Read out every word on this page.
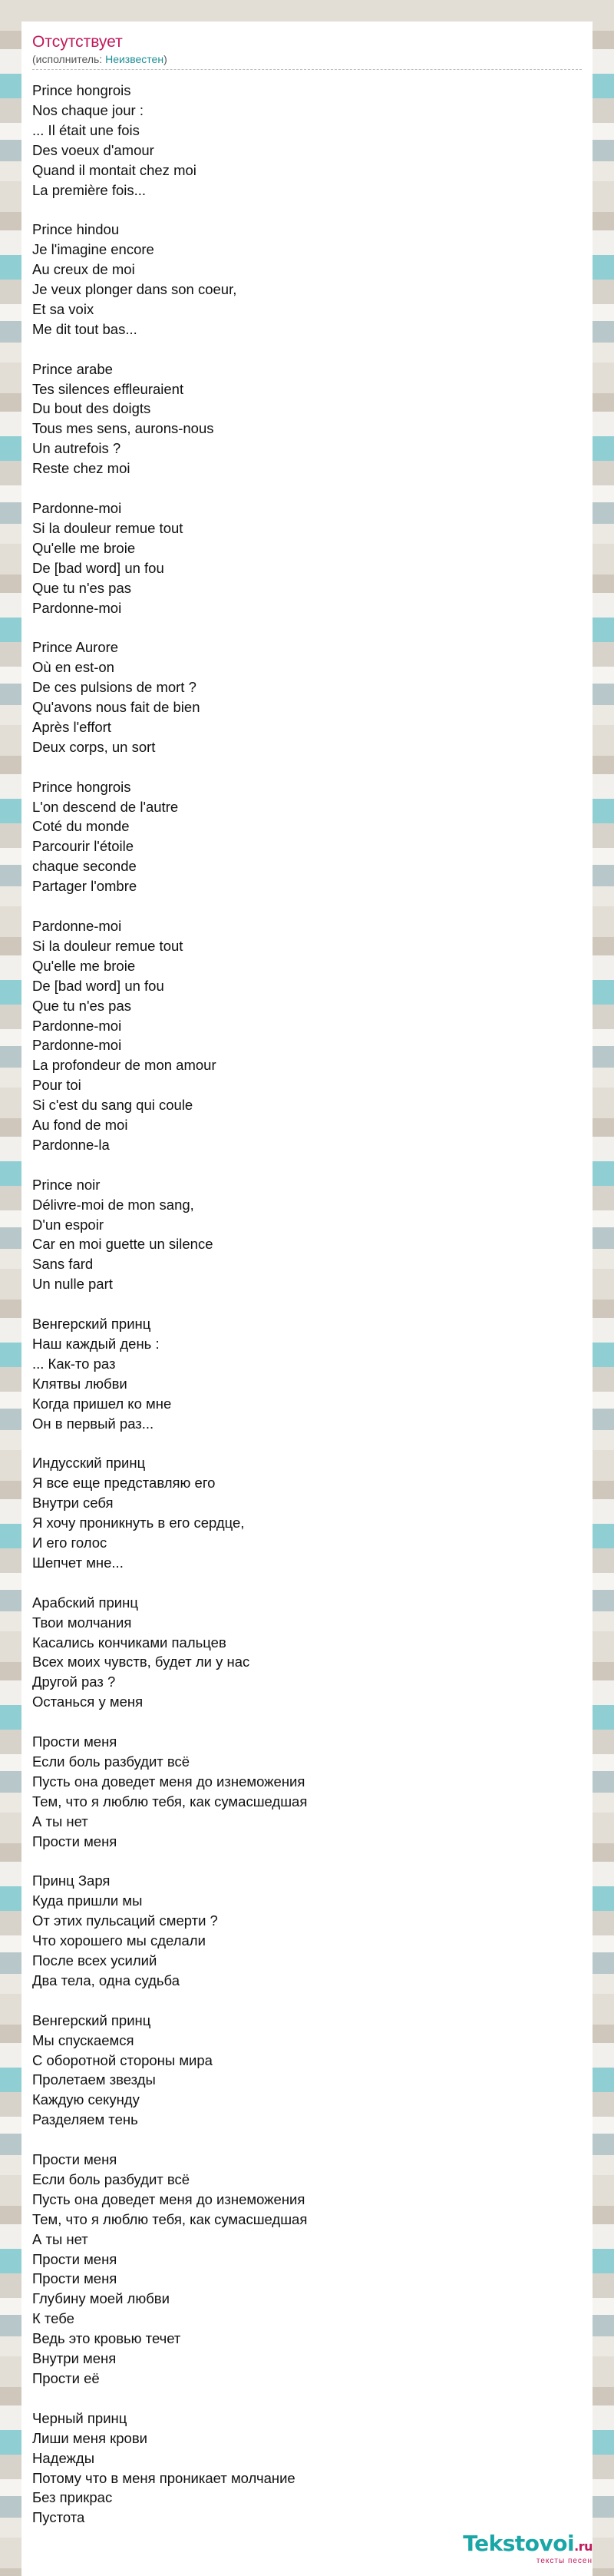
Отсутствует
(исполнитель: Неизвестен)
Prince hongrois
Nos chaque jour :
... Il était une fois
Des voeux d'amour
Quand il montait chez moi
La première fois...
Prince hindou
Je l'imagine encore
Au creux de moi
Je veux plonger dans son coeur,
Et sa voix
Me dit tout bas...
Prince arabe
Tes silences effleuraient
Du bout des doigts
Tous mes sens, aurons-nous
Un autrefois ?
Reste chez moi
Pardonne-moi
Si la douleur remue tout
Qu'elle me broie
De [bad word] un fou
Que tu n'es pas
Pardonne-moi
Prince Aurore
Où en est-on
De ces pulsions de mort ?
Qu'avons nous fait de bien
Après l'effort
Deux corps, un sort
Prince hongrois
L'on descend de l'autre
Coté du monde
Parcourir l'étoile
chaque seconde
Partager l'ombre
Pardonne-moi
Si la douleur remue tout
Qu'elle me broie
De [bad word] un fou
Que tu n'es pas
Pardonne-moi
Pardonne-moi
La profondeur de mon amour
Pour toi
Si c'est du sang qui coule
Au fond de moi
Pardonne-la
Prince noir
Délivre-moi de mon sang,
D'un espoir
Car en moi guette un silence
Sans fard
Un nulle part
Венгерский принц
Наш каждый день :
... Как-то раз
Клятвы любви
Когда пришел ко мне
Он в первый раз...
Индусский принц
Я все еще представляю его
Внутри себя
Я хочу проникнуть в его сердце,
И его голос
Шепчет мне...
Арабский принц
Твои молчания
Касались кончиками пальцев
Всех моих чувств, будет ли у нас
Другой раз ?
Останься у меня
Прости меня
Если боль разбудит всё
Пусть она доведет меня до изнеможения
Тем, что я люблю тебя, как сумасшедшая
А ты нет
Прости меня
Принц Заря
Куда пришли мы
От этих пульсаций смерти ?
Что хорошего мы сделали
После всех усилий
Два тела, одна судьба
Венгерский принц
Мы спускаемся
С оборотной стороны мира
Пролетаем звезды
Каждую секунду
Разделяем тень
Прости меня
Если боль разбудит всё
Пусть она доведет меня до изнеможения
Тем, что я люблю тебя, как сумасшедшая
А ты нет
Прости меня
Прости меня
Глубину моей любви
К тебе
Ведь это кровью течет
Внутри меня
Прости её
Черный принц
Лиши меня крови
Надежды
Потому что в меня проникает молчание
Без прикрас
Пустота
Tekstovoi.ru
тексты песен
